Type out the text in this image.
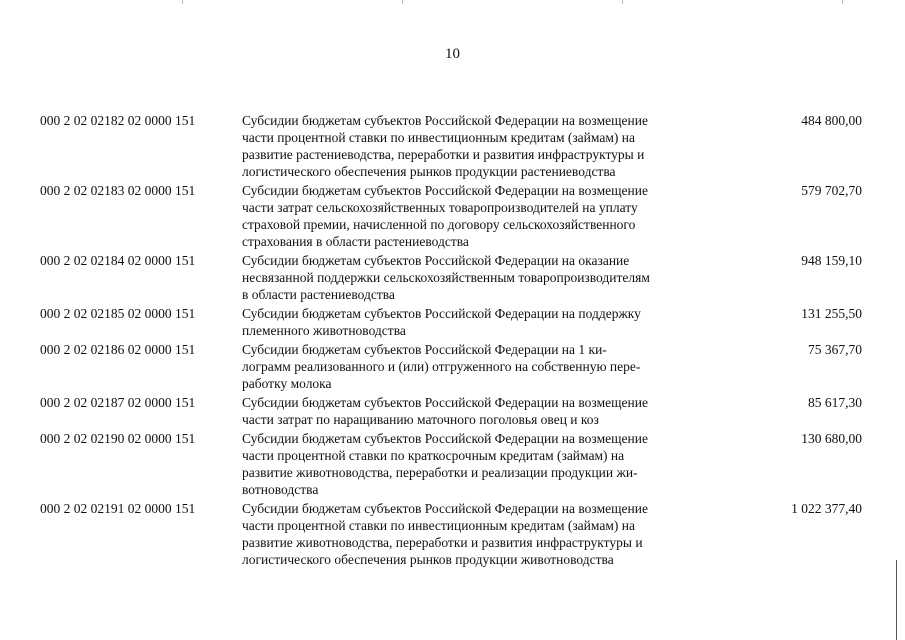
10
000 2 02 02182 02 0000 151	Субсидии бюджетам субъектов Российской Федерации на возмещение
части процентной ставки по инвестиционным кредитам (займам) на
развитие растениеводства, переработки и развития инфраструктуры и
логистического обеспечения рынков продукции растениеводства
484 800,00
000 2 02 02183 02 0000 151	Субсидии бюджетам субъектов Российской Федерации на возмещение
части затрат сельскохозяйственных товаропроизводителей на уплату
страховой премии, начисленной по договору сельскохозяйственного
страхования в области растениеводства
579 702,70
000 2 02 02184 02 0000 151	Субсидии бюджетам субъектов Российской Федерации на оказание
несвязанной поддержки сельскохозяйственным товаропроизводителям
в области растениеводства
948 159,10
000 2 02 02185 02 0000 151	Субсидии бюджетам субъектов Российской Федерации на поддержку
племенного животноводства
131 255,50
000 2 02 02186 02 0000 151	Субсидии бюджетам субъектов Российской Федерации на 1 ки-
лограмм реализованного и (или) отгруженного на собственную пере-
работку молока
75 367,70
000 2 02 02187 02 0000 151	Субсидии бюджетам субъектов Российской Федерации на возмещение
части затрат по наращиванию маточного поголовья овец и коз
85 617,30
000 2 02 02190 02 0000 151	Субсидии бюджетам субъектов Российской Федерации на возмещение
части процентной ставки по краткосрочным кредитам (займам) на
развитие животноводства, переработки и реализации продукции жи-
вотноводства
130 680,00
000 2 02 02191 02 0000 151	Субсидии бюджетам субъектов Российской Федерации на возмещение
части процентной ставки по инвестиционным кредитам (займам) на
развитие животноводства, переработки и развития инфраструктуры и
логистического обеспечения рынков продукции животноводства
1 022 377,40
